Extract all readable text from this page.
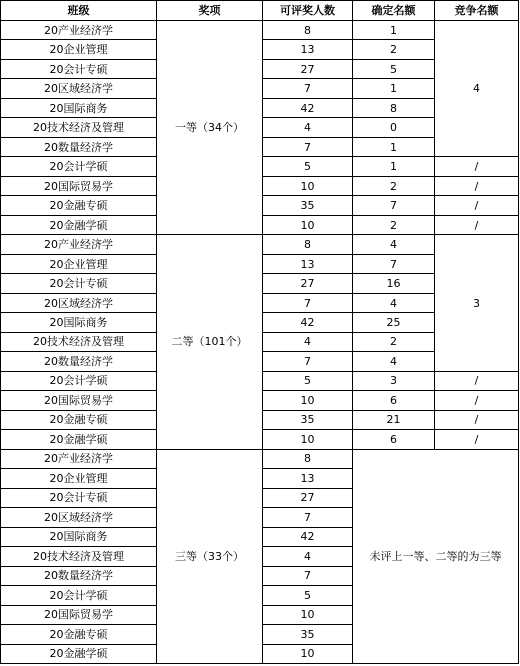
班级	奖项	可评奖人数	确定名额	竞争名额
20产业经济学	一等（34个）	8	1	4
20企业管理		13	2	
20会计专硕		27	5	
20区域经济学		7	1	
20国际商务		42	8	
20技术经济及管理		4	0	
20数量经济学		7	1	
20会计学硕		5	1	/
20国际贸易学		10	2	/
20金融专硕		35	7	/
20金融学硕		10	2	/
20产业经济学	二等（101个）	8	4	3
20企业管理		13	7	
20会计专硕		27	16	
20区域经济学		7	4	
20国际商务		42	25	
20技术经济及管理		4	2	
20数量经济学		7	4	
20会计学硕		5	3	/
20国际贸易学		10	6	/
20金融专硕		35	21	/
20金融学硕		10	6	/
20产业经济学	三等（33个）	8	未评上一等、二等的为三等	
20企业管理		13		
20会计专硕		27		
20区域经济学		7		
20国际商务		42		
20技术经济及管理		4		
20数量经济学		7		
20会计学硕		5		
20国际贸易学		10		
20金融专硕		35		
20金融学硕		10		
